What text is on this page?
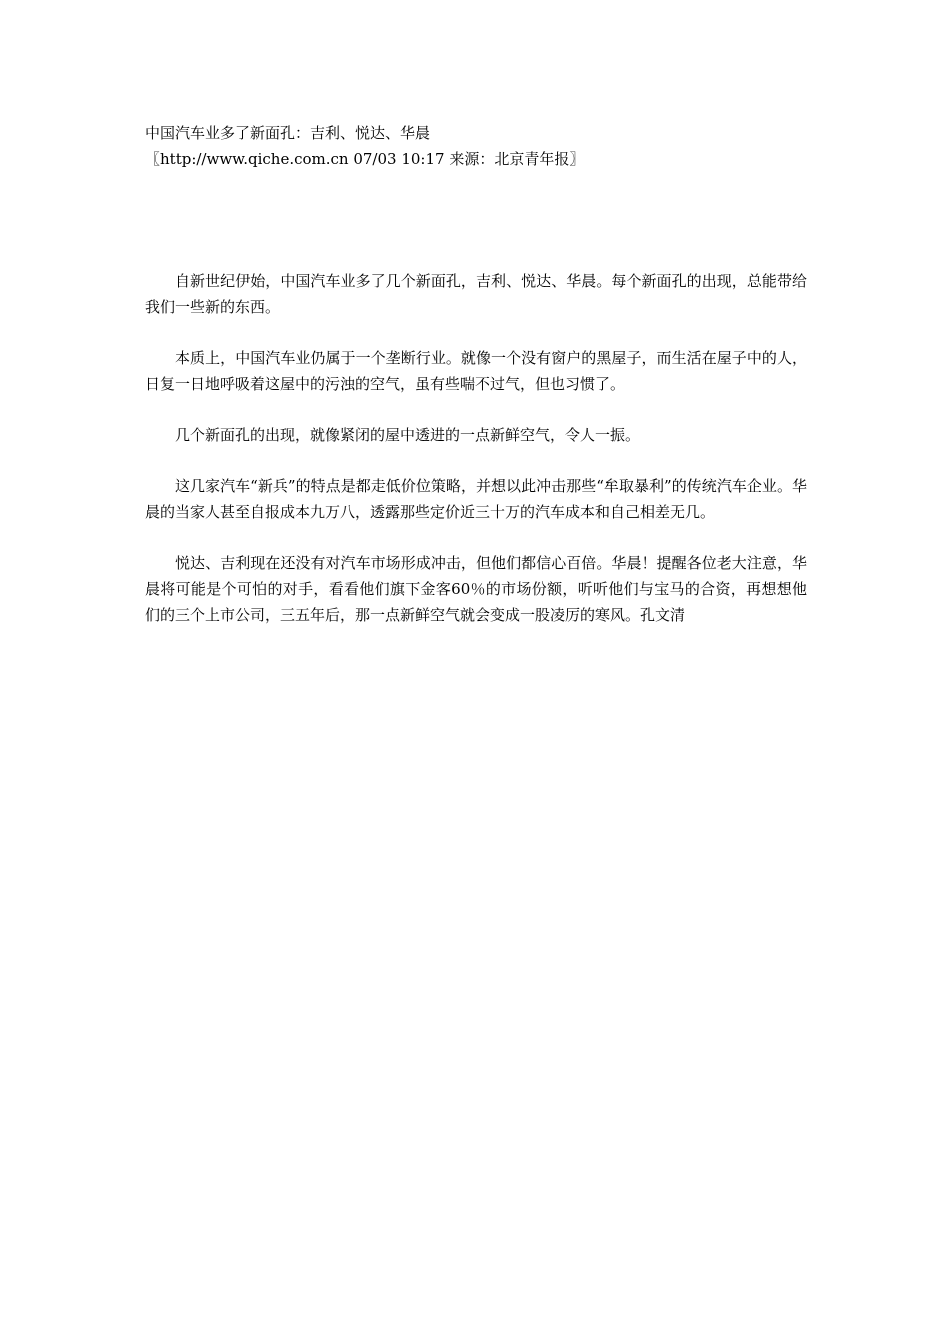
中国汽车业多了新面孔：吉利、悦达、华晨

〖http://www.qiche.com.cn 07/03 10:17 来源：北京青年报〗

自新世纪伊始，中国汽车业多了几个新面孔，吉利、悦达、华晨。每个新面孔的出现，总能带给我们一些新的东西。

本质上，中国汽车业仍属于一个垄断行业。就像一个没有窗户的黑屋子，而生活在屋子中的人，日复一日地呼吸着这屋中的污浊的空气，虽有些喘不过气，但也习惯了。

几个新面孔的出现，就像紧闭的屋中透进的一点新鲜空气，令人一振。

这几家汽车“新兵”的特点是都走低价位策略，并想以此冲击那些“牟取暴利”的传统汽车企业。华晨的当家人甚至自报成本九万八，透露那些定价近三十万的汽车成本和自己相差无几。

悦达、吉利现在还没有对汽车市场形成冲击，但他们都信心百倍。华晨！提醒各位老大注意，华晨将可能是个可怕的对手，看看他们旗下金客60％的市场份额，听听他们与宝马的合资，再想想他们的三个上市公司，三五年后，那一点新鲜空气就会变成一股凌厉的寒风。孔文清
